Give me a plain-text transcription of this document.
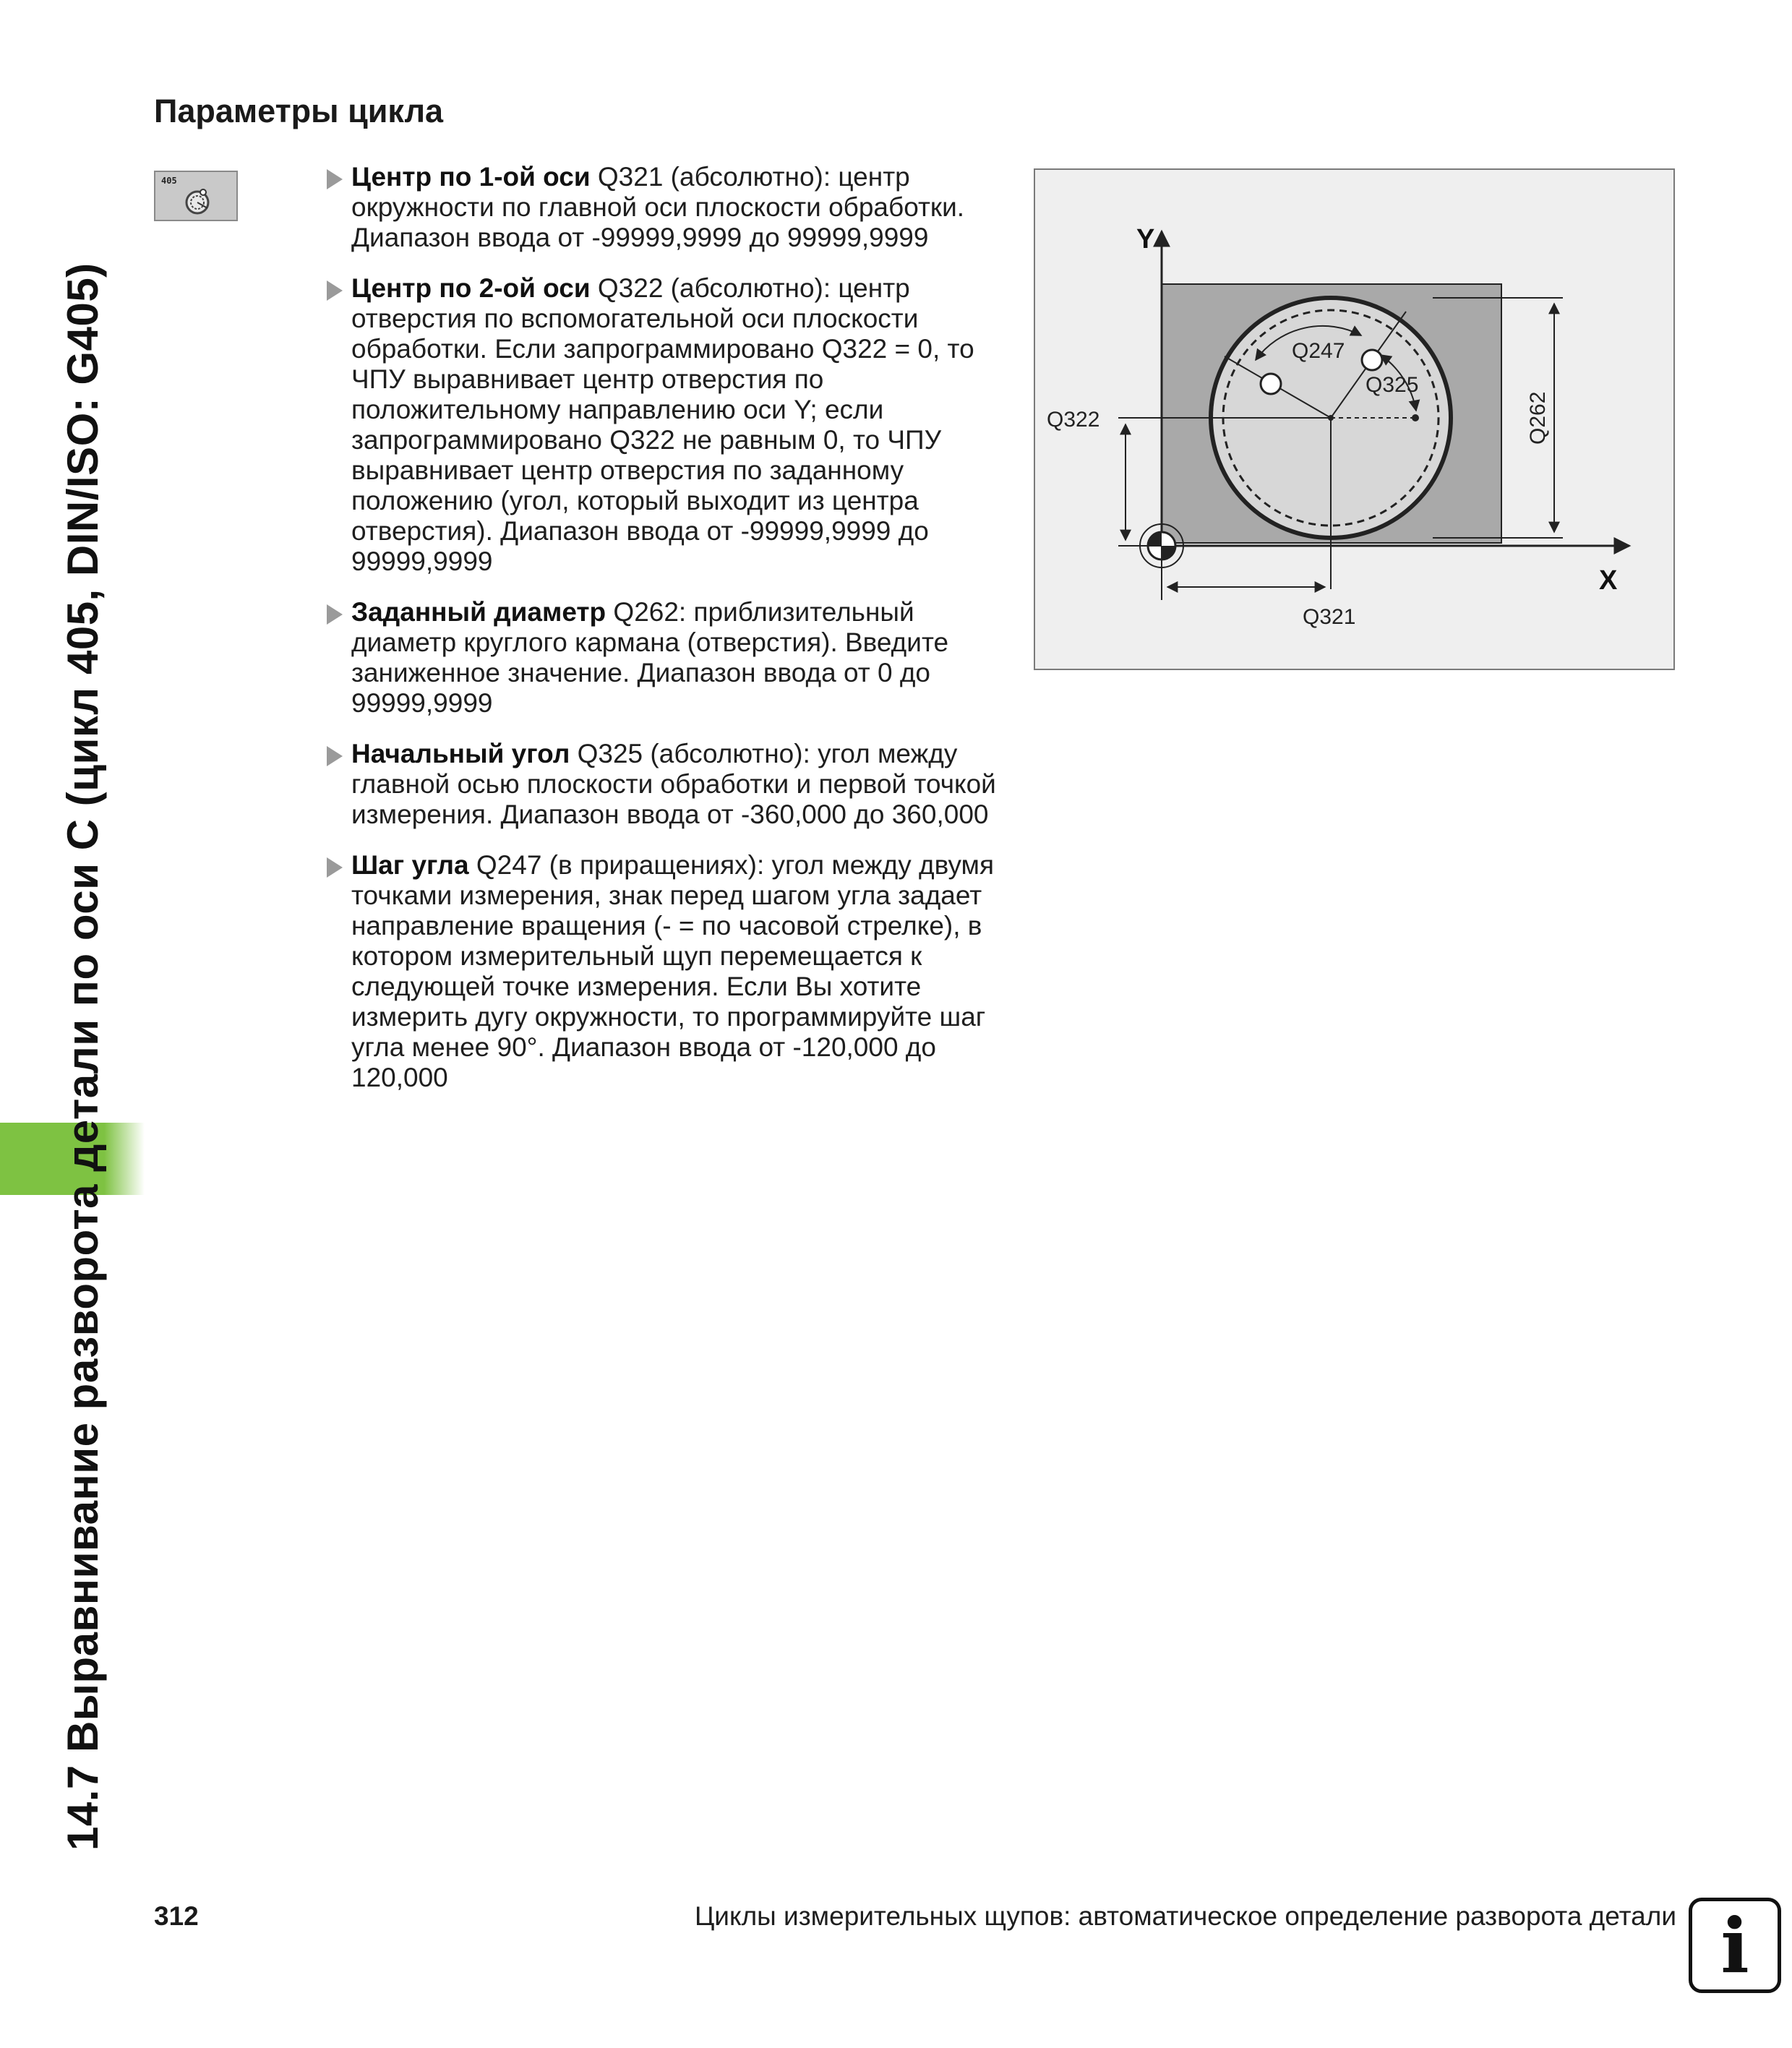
14.7 Выравнивание разворота детали по оси С (цикл 405, DIN/ISO: G405)
Параметры цикла
405	Центр по 1-ой оси Q321 (абсолютно): центр окружности по главной оси плоскости обработки. Диапазон ввода от -99999,9999 до 99999,9999

Центр по 2-ой оси Q322 (абсолютно): центр отверстия по вспомогательной оси плоскости обработки. Если запрограммировано Q322 = 0, то ЧПУ выравнивает центр отверстия по положительному направлению оси Y; если запрограммировано Q322 не равным 0, то ЧПУ выравнивает центр отверстия по заданному положению (угол, который выходит из центра отверстия). Диапазон ввода от -99999,9999 до 99999,9999

Заданный диаметр Q262: приблизительный диаметр круглого кармана (отверстия). Введите заниженное значение. Диапазон ввода от 0 до 99999,9999

Начальный угол Q325 (абсолютно): угол между главной осью плоскости обработки и первой точкой измерения. Диапазон ввода от -360,000 до 360,000

Шаг угла Q247 (в приращениях): угол между двумя точками измерения, знак перед шагом угла задает направление вращения (- = по часовой стрелке), в котором измерительный щуп перемещается к следующей точке измерения. Если Вы хотите измерить дугу окружности, то программируйте шаг угла менее 90°. Диапазон ввода от -120,000 до 120,000

Y
X
Q247
Q325
Q322	Q262
Q321
312	Циклы измерительных щупов: автоматическое определение разворота детали i
